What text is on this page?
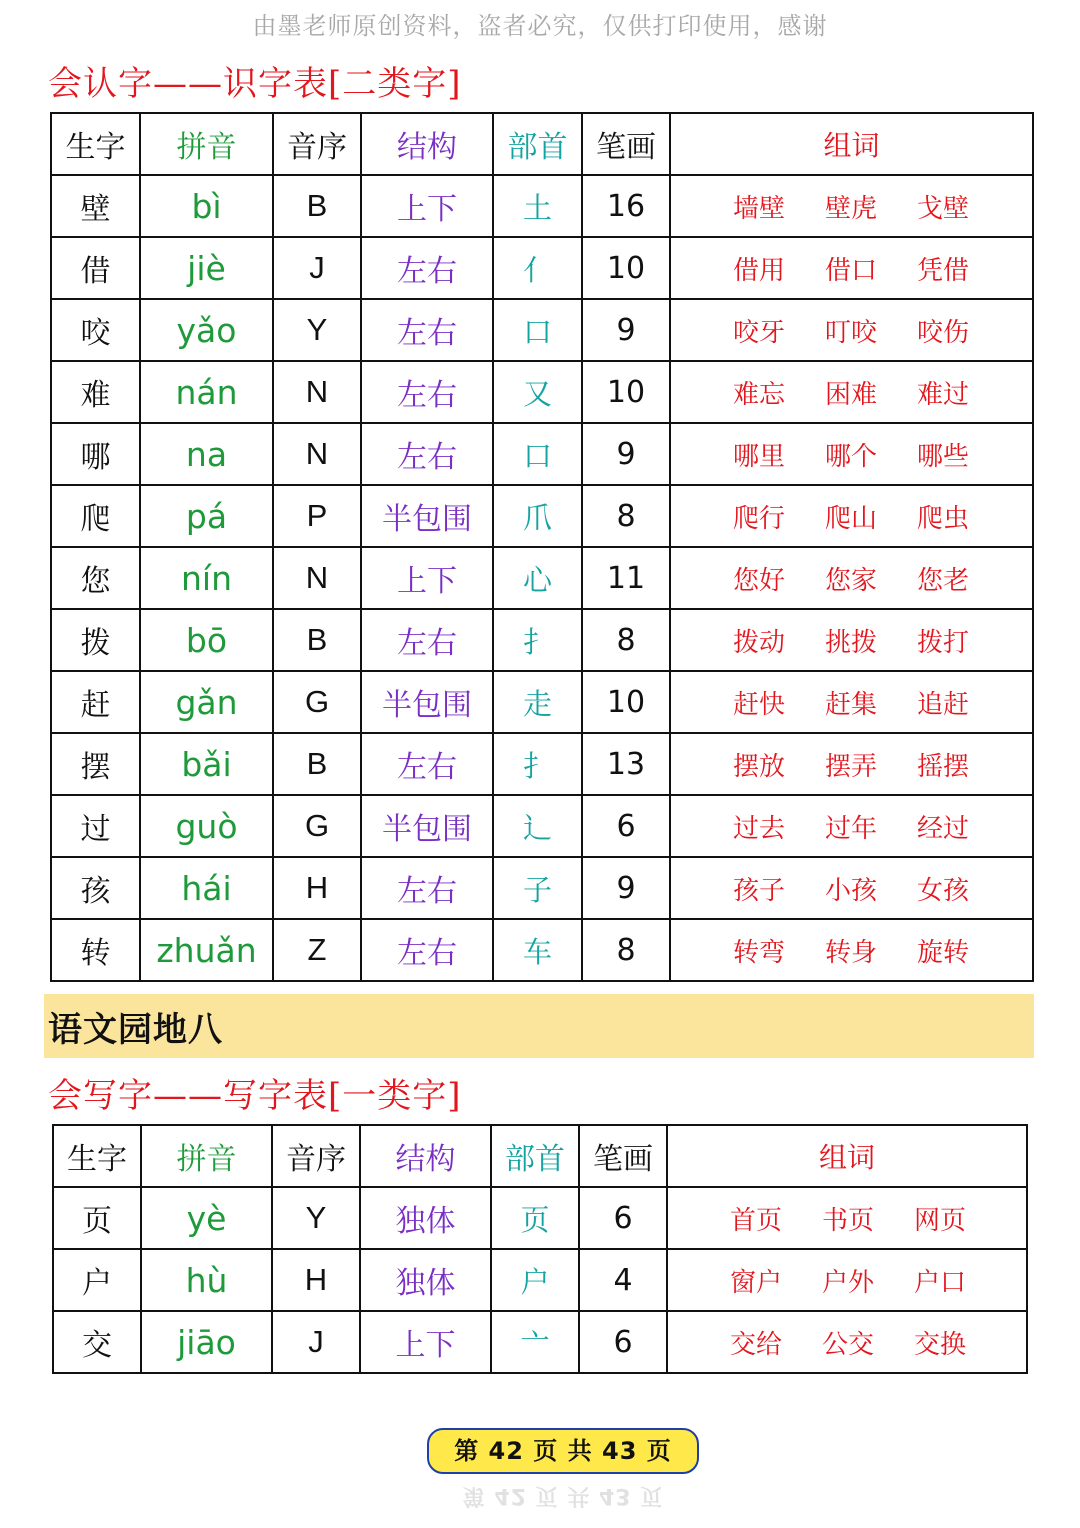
由墨老师原创资料，盗者必究，仅供打印使用，感谢
会认字——识字表[二类字]
生字	拼音	音序	结构	部首	笔画	组词
壁	bì	B	上下	土	16	墙壁 壁虎 戈壁

借	jiè	J	左右	亻	10	借用 借口 凭借

咬	yǎo	Y	左右	口	9	咬牙 叮咬 咬伤

难	nán	N	左右	又	10	难忘 困难 难过

哪	na	N	左右	口	9	哪里 哪个 哪些

爬	pá	P	半包围	爪	8	爬行 爬山 爬虫

您	nín	N	上下	心	11	您好 您家 您老

拨	bō	B	左右	扌	8	拨动 挑拨 拨打

赶	gǎn	G	半包围	走	10	赶快 赶集 追赶

摆	bǎi	B	左右	扌	13	摆放 摆弄 摇摆

过	guò	G	半包围	辶	6	过去 过年 经过

孩	hái	H	左右	子	9	孩子 小孩 女孩

转	zhuǎn	Z	左右	车	8	转弯 转身 旋转
语文园地八
会写字——写字表[一类字]
生字	拼音	音序	结构	部首	笔画	组词
页	yè	Y	独体	页	6	首页 书页 网页

户	hù	H	独体	户	4	窗户 户外 户口

交	jiāo	J	上下	亠	6	交给 公交 交换
第 42 页 共 43 页
第 42 页 共 43 页
